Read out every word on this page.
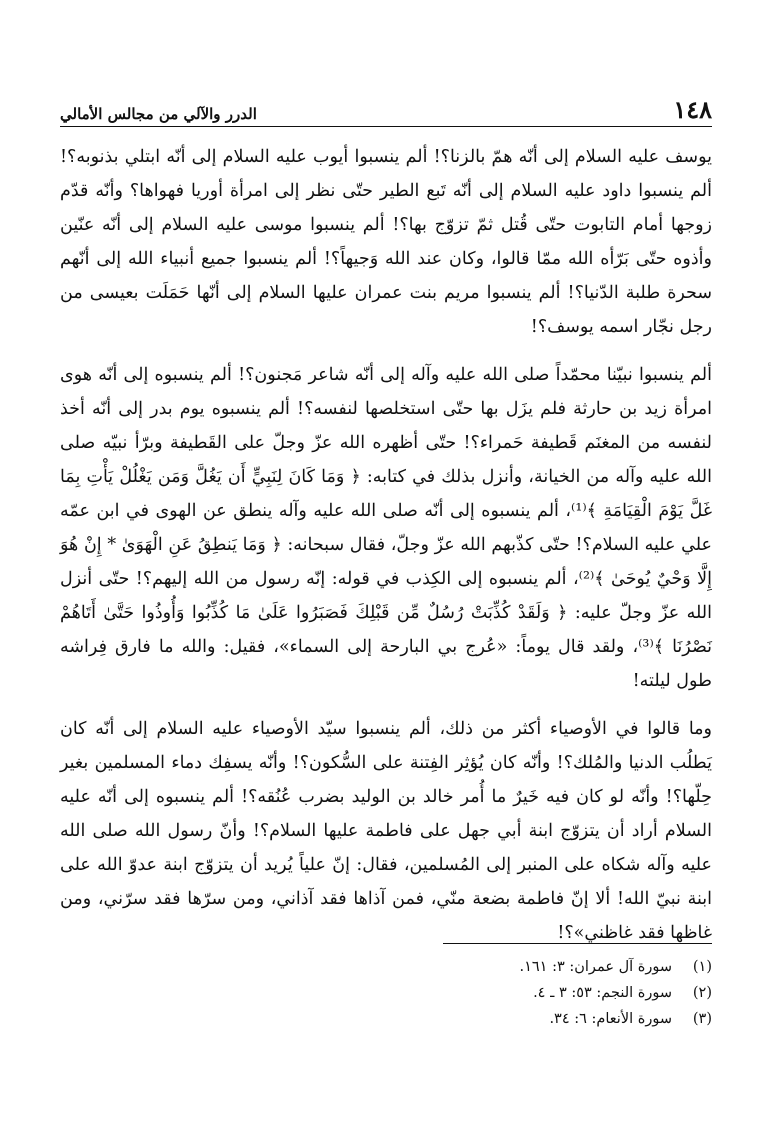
١٤٨
الدرر والآلي من مجالس الأمالي

يوسف عليه السلام إلى أنّه همّ بالزنا؟! ألم ينسبوا أيوب عليه السلام إلى أنّه ابتلي بذنوبه؟! ألم ينسبوا داود عليه السلام إلى أنّه تَبع الطير حتّى نظر إلى امرأة أوريا فهواها؟ وأنّه قدّم زوجها أمام التابوت حتّى قُتل ثمّ تزوّج بها؟! ألم ينسبوا موسى عليه السلام إلى أنّه عنّين وأذوه حتّى بَرّأه الله ممّا قالوا، وكان عند الله وَجيهاً؟! ألم ينسبوا جميع أنبياء الله إلى أنّهم سحرة طلبة الدّنيا؟! ألم ينسبوا مريم بنت عمران عليها السلام إلى أنّها حَمَلَت بعيسى من رجل نجّار اسمه يوسف؟!

ألم ينسبوا نبيّنا محمّداً صلى الله عليه وآله إلى أنّه شاعر مَجنون؟! ألم ينسبوه إلى أنّه هوى امرأة زيد بن حارثة فلم يزَل بها حتّى استخلصها لنفسه؟! ألم ينسبوه يوم بدر إلى أنّه أخذ لنفسه من المغنَم قَطيفة حَمراء؟! حتّى أظهره الله عزّ وجلّ على القَطيفة وبرّأ نبيّه صلى الله عليه وآله من الخيانة، وأنزل بذلك في كتابه: ﴿ وَمَا كَانَ لِنَبِيٍّ أَن يَغُلَّ وَمَن يَغْلُلْ يَأْتِ بِمَا غَلَّ يَوْمَ الْقِيَامَةِ ﴾⁽¹⁾، ألم ينسبوه إلى أنّه صلى الله عليه وآله ينطق عن الهوى في ابن عمّه علي عليه السلام؟! حتّى كذّبهم الله عزّ وجلّ، فقال سبحانه: ﴿ وَمَا يَنطِقُ عَنِ الْهَوَىٰ * إِنْ هُوَ إِلَّا وَحْيٌ يُوحَىٰ ﴾⁽²⁾، ألم ينسبوه إلى الكِذب في قوله: إنّه رسول من الله إليهم؟! حتّى أنزل الله عزّ وجلّ عليه: ﴿ وَلَقَدْ كُذِّبَتْ رُسُلٌ مِّن قَبْلِكَ فَصَبَرُوا عَلَىٰ مَا كُذِّبُوا وَأُوذُوا حَتَّىٰ أَتَاهُمْ نَصْرُنَا ﴾⁽³⁾، ولقد قال يوماً: «عُرج بي البارحة إلى السماء»، فقيل: والله ما فارق فِراشه طول ليلته!

وما قالوا في الأوصياء أكثر من ذلك، ألم ينسبوا سيّد الأوصياء عليه السلام إلى أنّه كان يَطلُب الدنيا والمُلك؟! وأنّه كان يُؤثِر الفِتنة على السُّكون؟! وأنّه يسفِك دماء المسلمين بغير حِلّها؟! وأنّه لو كان فيه خَيرٌ ما أُمر خالد بن الوليد بضرب عُنُقه؟! ألم ينسبوه إلى أنّه عليه السلام أراد أن يتزوّج ابنة أبي جهل على فاطمة عليها السلام؟! وأنّ رسول الله صلى الله عليه وآله شكاه على المنبر إلى المُسلمين، فقال: إنّ علياً يُريد أن يتزوّج ابنة عدوّ الله على ابنة نبيّ الله! ألا إنّ فاطمة بضعة منّي، فمن آذاها فقد آذاني، ومن سرّها فقد سرّني، ومن غاظها فقد غاظني»؟!

(١)
سورة آل عمران: ٣: ١٦١.
(٢)
سورة النجم: ٥٣: ٣ ـ ٤.
(٣)
سورة الأنعام: ٦: ٣٤.
